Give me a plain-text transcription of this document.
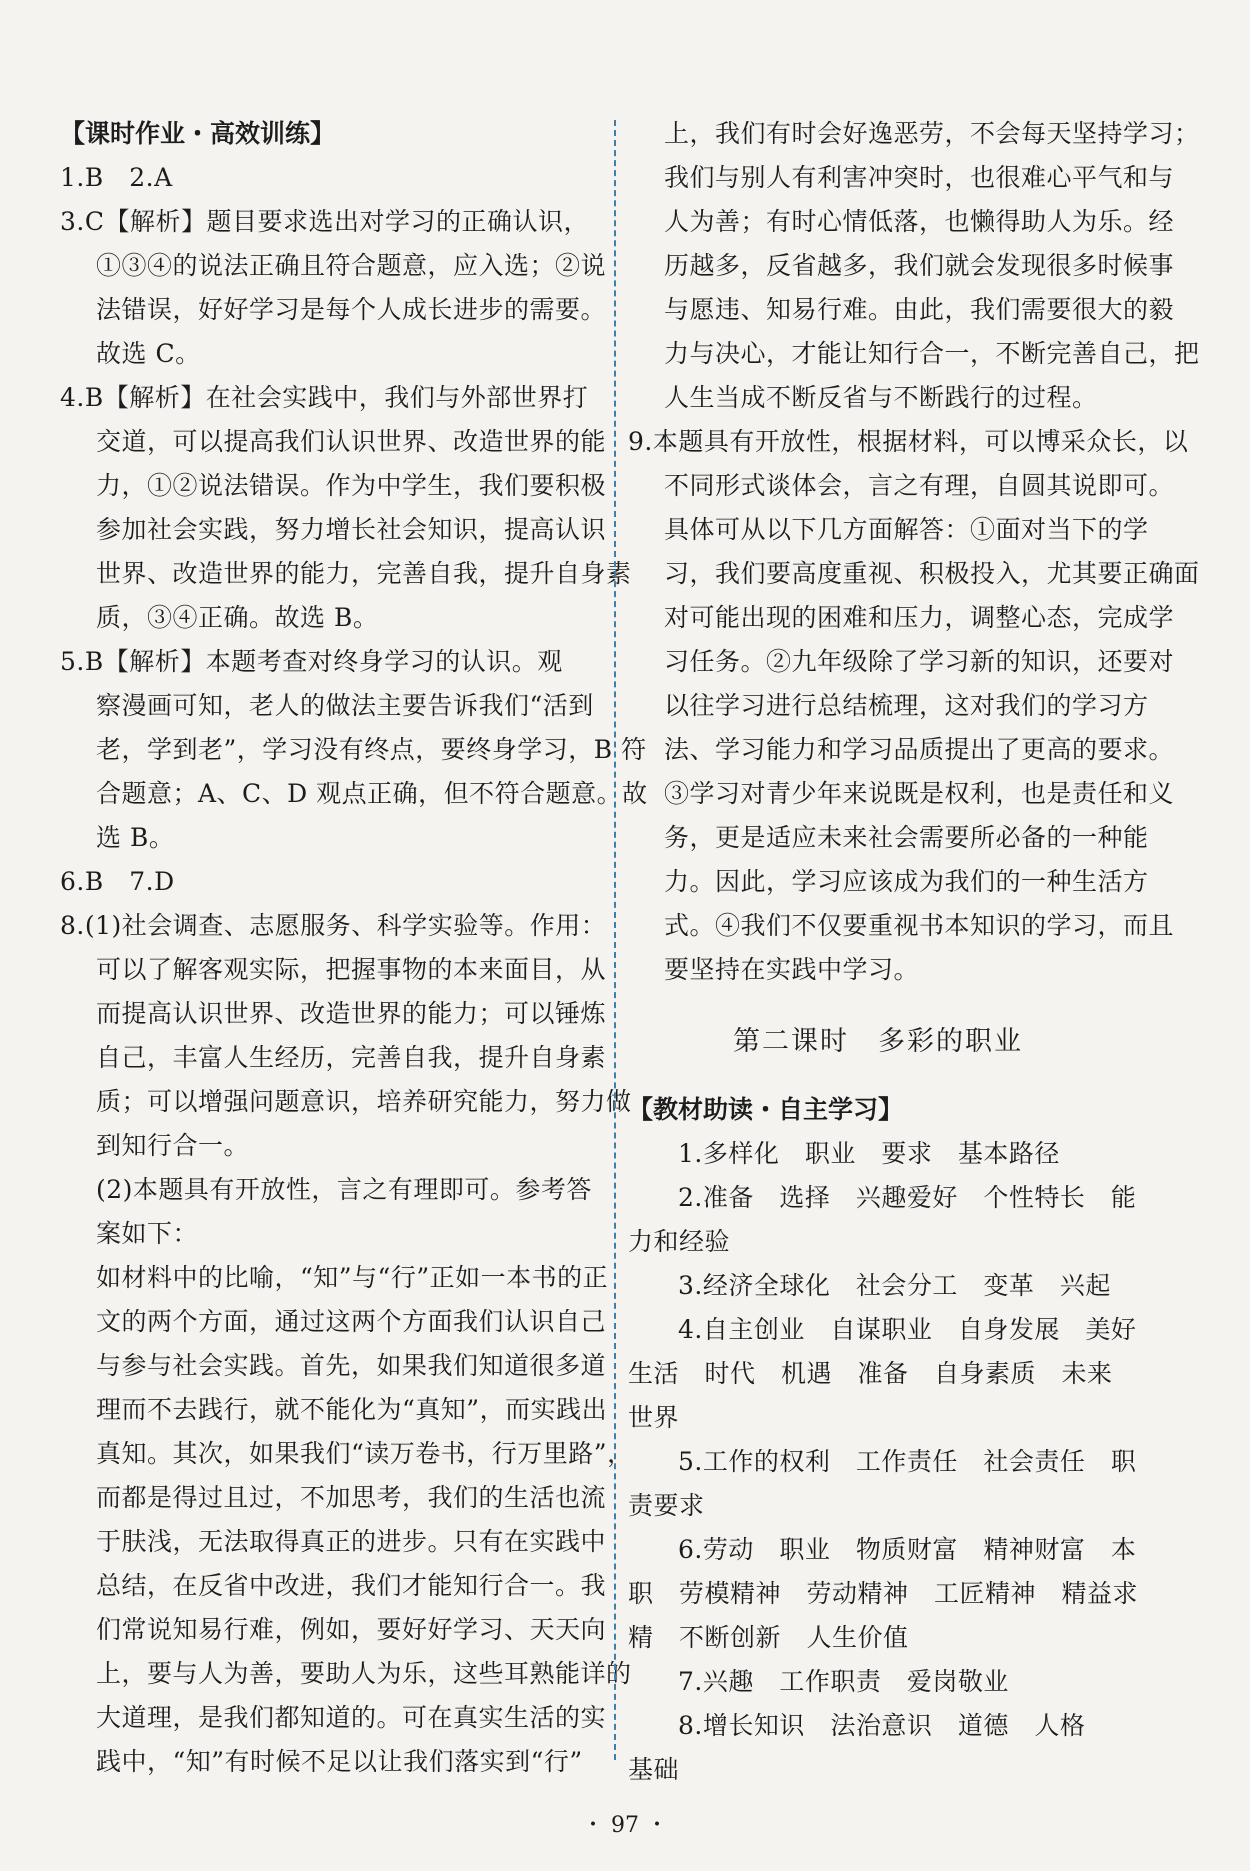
【课时作业・高效训练】
1.B　2.A
3.C【解析】题目要求选出对学习的正确认识，
①③④的说法正确且符合题意，应入选；②说
法错误，好好学习是每个人成长进步的需要。
故选 C。
4.B【解析】在社会实践中，我们与外部世界打
交道，可以提高我们认识世界、改造世界的能
力，①②说法错误。作为中学生，我们要积极
参加社会实践，努力增长社会知识，提高认识
世界、改造世界的能力，完善自我，提升自身素
质，③④正确。故选 B。
5.B【解析】本题考查对终身学习的认识。观
察漫画可知，老人的做法主要告诉我们“活到
老，学到老”，学习没有终点，要终身学习，B 符
合题意；A、C、D 观点正确，但不符合题意。故
选 B。
6.B　7.D
8.(1)社会调查、志愿服务、科学实验等。作用：
可以了解客观实际，把握事物的本来面目，从
而提高认识世界、改造世界的能力；可以锤炼
自己，丰富人生经历，完善自我，提升自身素
质；可以增强问题意识，培养研究能力，努力做
到知行合一。
(2)本题具有开放性，言之有理即可。参考答
案如下：
如材料中的比喻，“知”与“行”正如一本书的正
文的两个方面，通过这两个方面我们认识自己
与参与社会实践。首先，如果我们知道很多道
理而不去践行，就不能化为“真知”，而实践出
真知。其次，如果我们“读万卷书，行万里路”，
而都是得过且过，不加思考，我们的生活也流
于肤浅，无法取得真正的进步。只有在实践中
总结，在反省中改进，我们才能知行合一。我
们常说知易行难，例如，要好好学习、天天向
上，要与人为善，要助人为乐，这些耳熟能详的
大道理，是我们都知道的。可在真实生活的实
践中，“知”有时候不足以让我们落实到“行”
上，我们有时会好逸恶劳，不会每天坚持学习；
我们与别人有利害冲突时，也很难心平气和与
人为善；有时心情低落，也懒得助人为乐。经
历越多，反省越多，我们就会发现很多时候事
与愿违、知易行难。由此，我们需要很大的毅
力与决心，才能让知行合一，不断完善自己，把
人生当成不断反省与不断践行的过程。
9.本题具有开放性，根据材料，可以博采众长，以
不同形式谈体会，言之有理，自圆其说即可。
具体可从以下几方面解答：①面对当下的学
习，我们要高度重视、积极投入，尤其要正确面
对可能出现的困难和压力，调整心态，完成学
习任务。②九年级除了学习新的知识，还要对
以往学习进行总结梳理，这对我们的学习方
法、学习能力和学习品质提出了更高的要求。
③学习对青少年来说既是权利，也是责任和义
务，更是适应未来社会需要所必备的一种能
力。因此，学习应该成为我们的一种生活方
式。④我们不仅要重视书本知识的学习，而且
要坚持在实践中学习。
第二课时　多彩的职业
【教材助读・自主学习】
1.多样化　职业　要求　基本路径
2.准备　选择　兴趣爱好　个性特长　能
力和经验
3.经济全球化　社会分工　变革　兴起
4.自主创业　自谋职业　自身发展　美好
生活　时代　机遇　准备　自身素质　未来
世界
5.工作的权利　工作责任　社会责任　职
责要求
6.劳动　职业　物质财富　精神财富　本
职　劳模精神　劳动精神　工匠精神　精益求
精　不断创新　人生价值
7.兴趣　工作职责　爱岗敬业
8.增长知识　法治意识　道德　人格
基础
・ 97 ・
